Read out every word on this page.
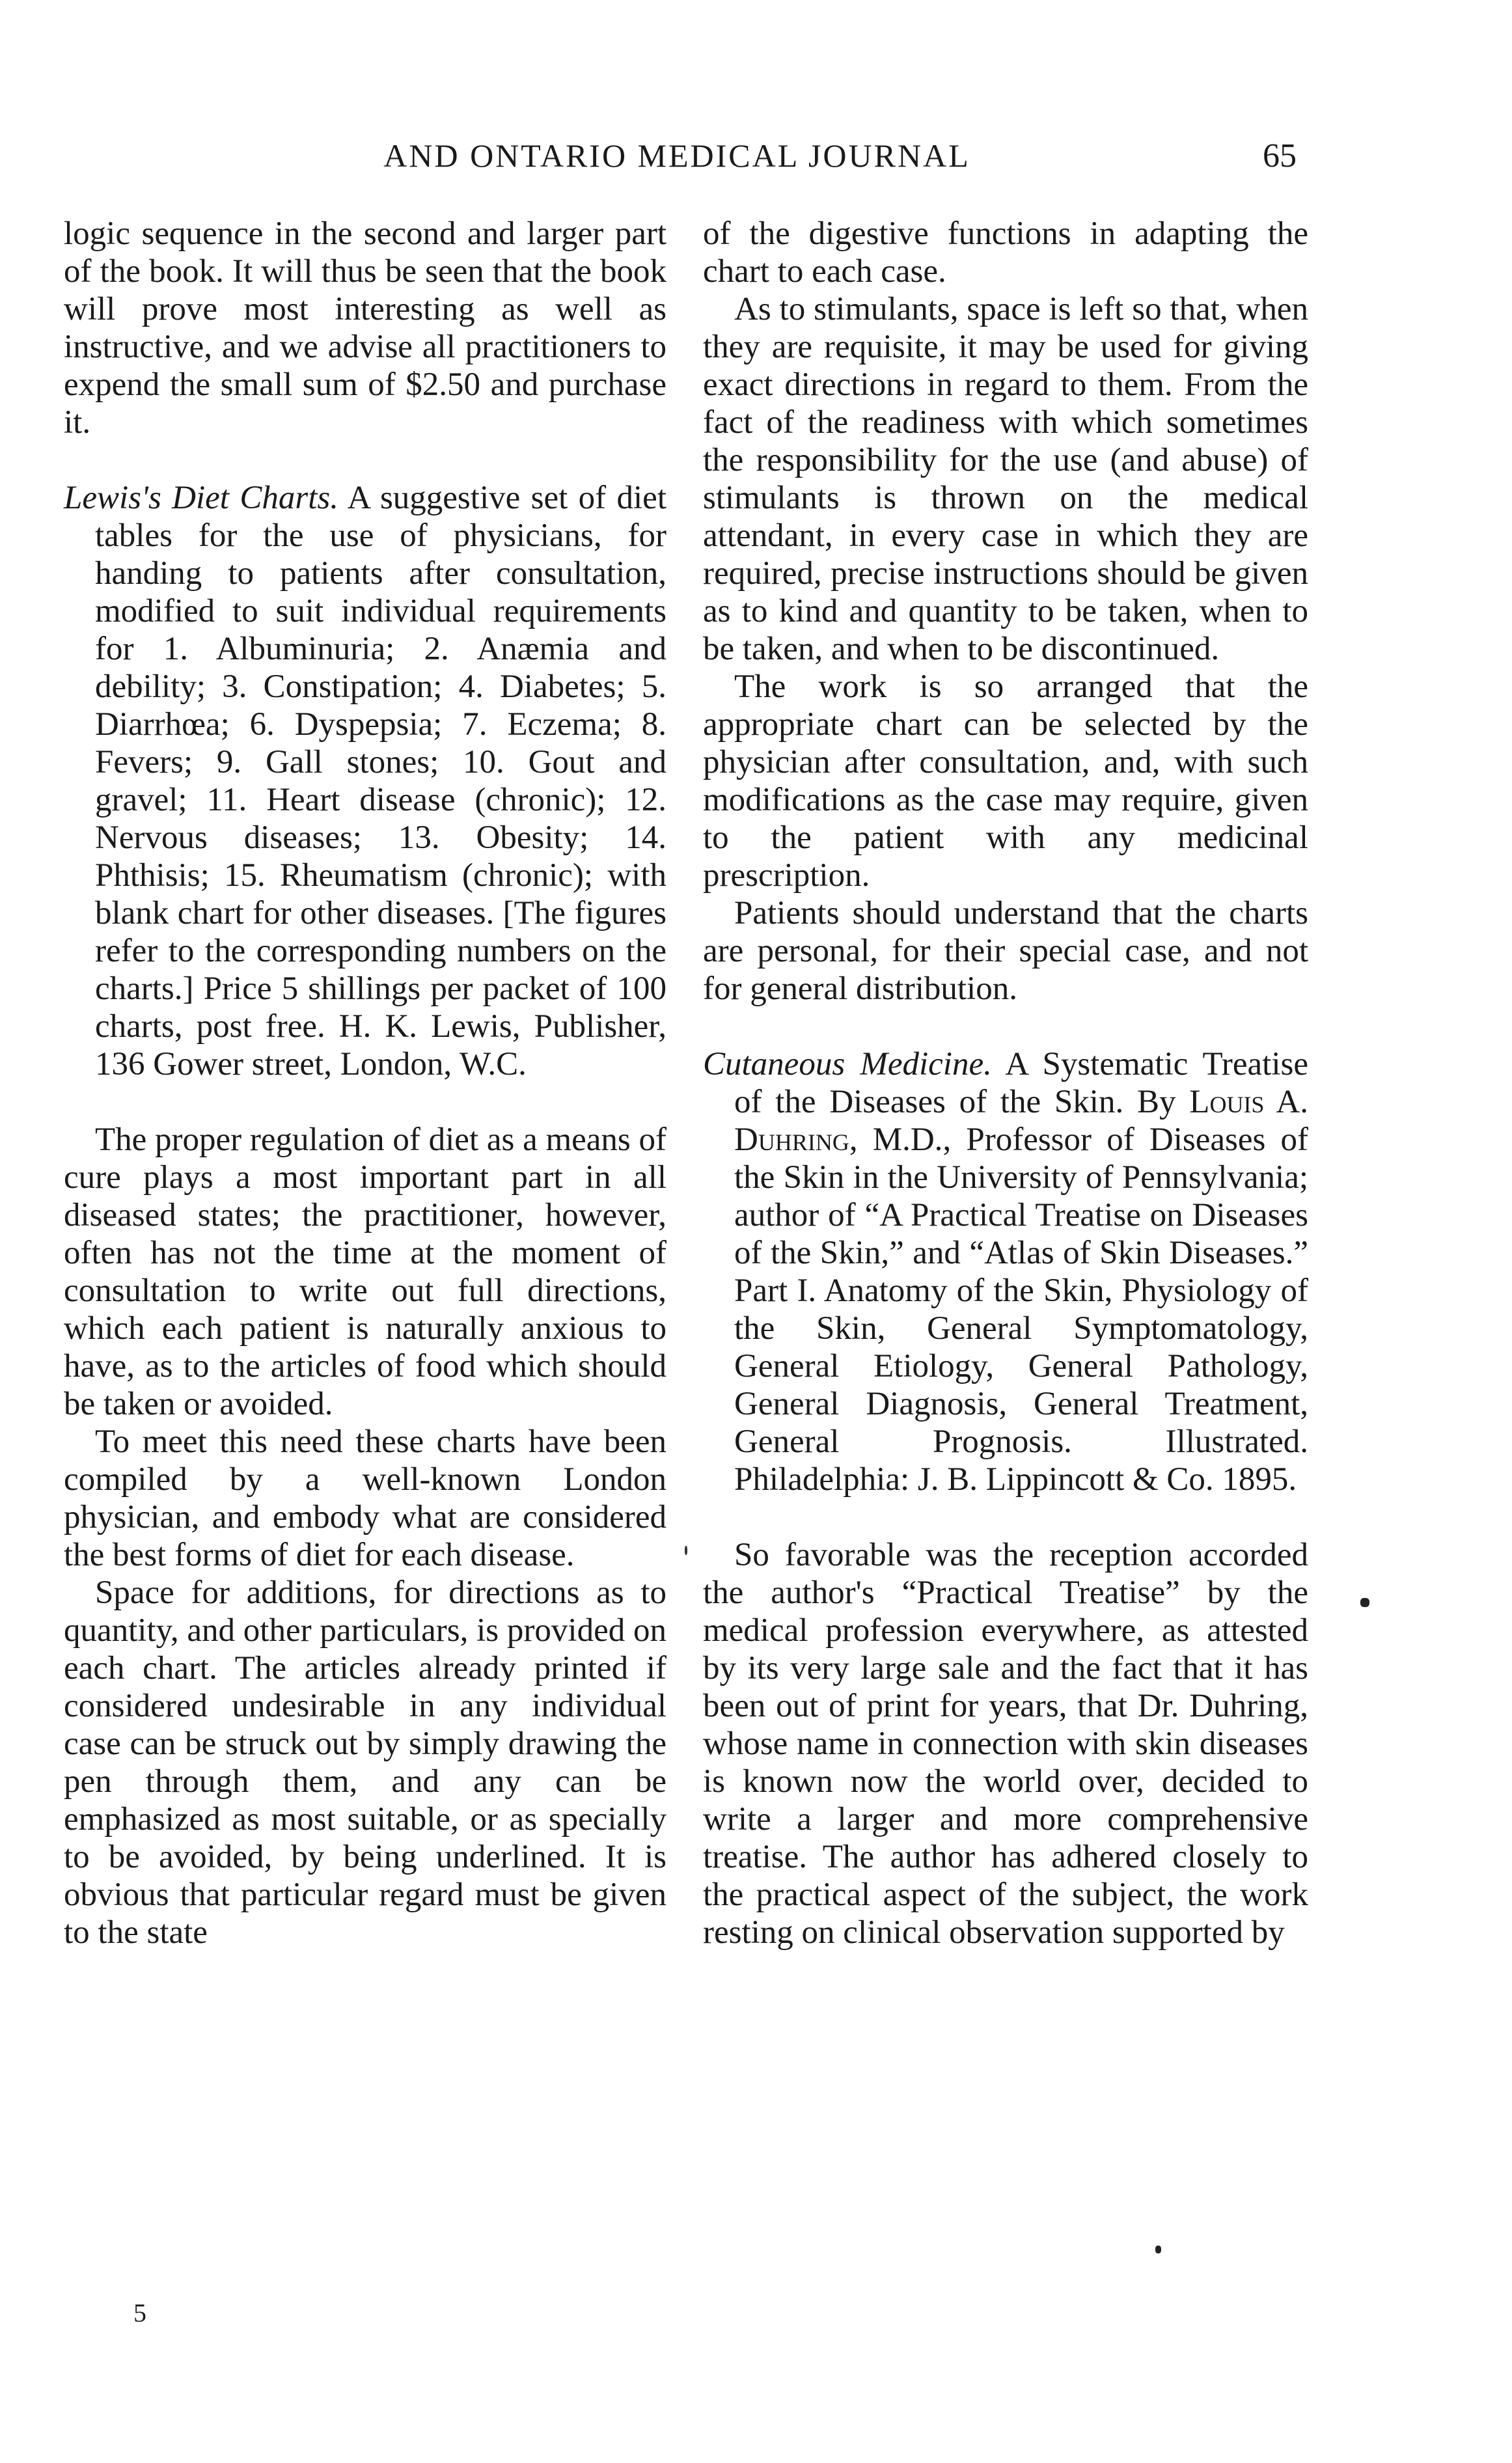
AND ONTARIO MEDICAL JOURNAL	65

logic sequence in the second and larger part of the book. It will thus be seen that the book will prove most interesting as well as instructive, and we advise all practitioners to expend the small sum of $2.50 and purchase it.

Lewis's Diet Charts. A suggestive set of diet tables for the use of physicians, for handing to patients after consultation, modified to suit individual requirements for 1. Albuminuria; 2. Anæmia and debility; 3. Constipation; 4. Diabetes; 5. Diarrhœa; 6. Dyspepsia; 7. Eczema; 8. Fevers; 9. Gall stones; 10. Gout and gravel; 11. Heart disease (chronic); 12. Nervous diseases; 13. Obesity; 14. Phthisis; 15. Rheumatism (chronic); with blank chart for other diseases. [The figures refer to the corresponding numbers on the charts.] Price 5 shillings per packet of 100 charts, post free. H. K. Lewis, Publisher, 136 Gower street, London, W.C.

The proper regulation of diet as a means of cure plays a most important part in all diseased states; the practitioner, however, often has not the time at the moment of consultation to write out full directions, which each patient is naturally anxious to have, as to the articles of food which should be taken or avoided.

To meet this need these charts have been compiled by a well-known London physician, and embody what are considered the best forms of diet for each disease.

Space for additions, for directions as to quantity, and other particulars, is provided on each chart. The articles already printed if considered undesirable in any individual case can be struck out by simply drawing the pen through them, and any can be emphasized as most suitable, or as specially to be avoided, by being underlined. It is obvious that particular regard must be given to the state

of the digestive functions in adapting the chart to each case.

As to stimulants, space is left so that, when they are requisite, it may be used for giving exact directions in regard to them. From the fact of the readiness with which sometimes the responsibility for the use (and abuse) of stimulants is thrown on the medical attendant, in every case in which they are required, precise instructions should be given as to kind and quantity to be taken, when to be taken, and when to be discontinued.

The work is so arranged that the appropriate chart can be selected by the physician after consultation, and, with such modifications as the case may require, given to the patient with any medicinal prescription.

Patients should understand that the charts are personal, for their special case, and not for general distribution.

Cutaneous Medicine. A Systematic Treatise of the Diseases of the Skin. By Louis A. Duhring, M.D., Professor of Diseases of the Skin in the University of Pennsylvania; author of “A Practical Treatise on Diseases of the Skin,” and “Atlas of Skin Diseases.” Part I. Anatomy of the Skin, Physiology of the Skin, General Symptomatology, General Etiology, General Pathology, General Diagnosis, General Treatment, General Prognosis. Illustrated. Philadelphia: J. B. Lippincott & Co. 1895.

So favorable was the reception accorded the author's “Practical Treatise” by the medical profession everywhere, as attested by its very large sale and the fact that it has been out of print for years, that Dr. Duhring, whose name in connection with skin diseases is known now the world over, decided to write a larger and more comprehensive treatise. The author has adhered closely to the practical aspect of the subject, the work resting on clinical observation supported by

5
